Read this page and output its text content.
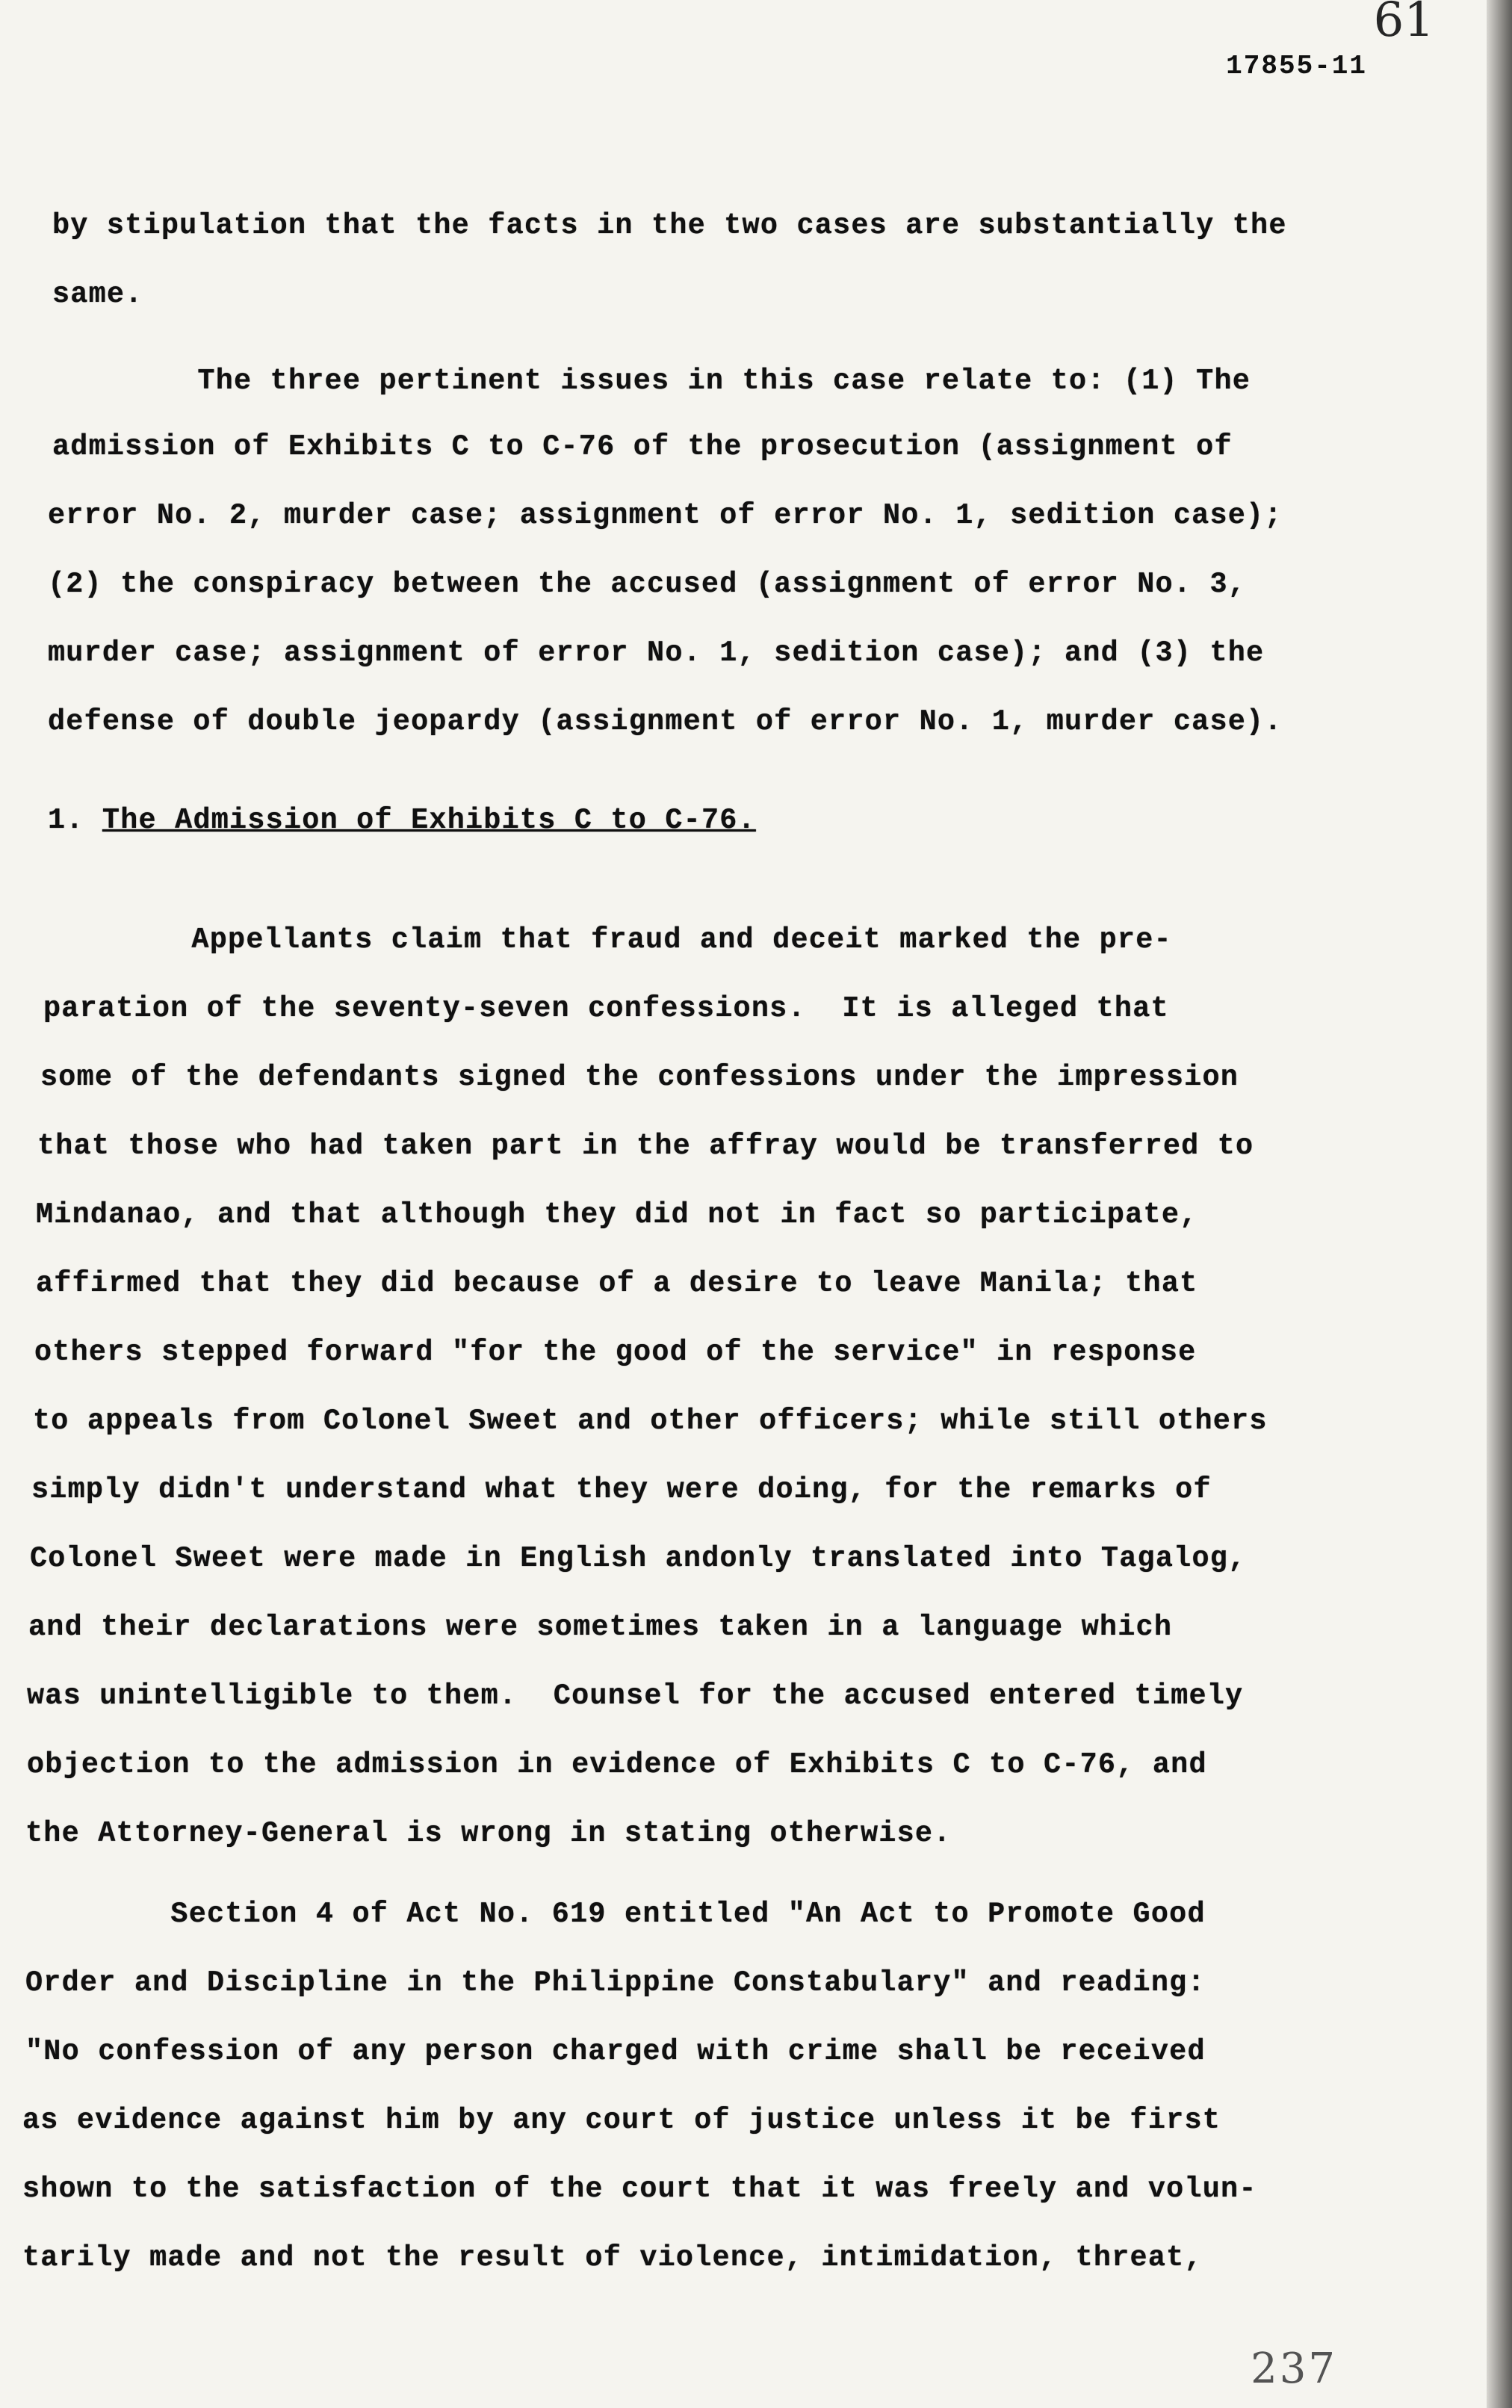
61
17855-11
by stipulation that the facts in the two cases are substantially the
same.
The three pertinent issues in this case relate to: (1) The
admission of Exhibits C to C-76 of the prosecution (assignment of
error No. 2, murder case; assignment of error No. 1, sedition case);
(2) the conspiracy between the accused (assignment of error No. 3,
murder case; assignment of error No. 1, sedition case); and (3) the
defense of double jeopardy (assignment of error No. 1, murder case).
1. The Admission of Exhibits C to C-76.
Appellants claim that fraud and deceit marked the pre-
paration of the seventy-seven confessions.  It is alleged that
some of the defendants signed the confessions under the impression
that those who had taken part in the affray would be transferred to
Mindanao, and that although they did not in fact so participate,
affirmed that they did because of a desire to leave Manila; that
others stepped forward "for the good of the service" in response
to appeals from Colonel Sweet and other officers; while still others
simply didn't understand what they were doing, for the remarks of
Colonel Sweet were made in English andonly translated into Tagalog,
and their declarations were sometimes taken in a language which
was unintelligible to them.  Counsel for the accused entered timely
objection to the admission in evidence of Exhibits C to C-76, and
the Attorney-General is wrong in stating otherwise.
Section 4 of Act No. 619 entitled "An Act to Promote Good
Order and Discipline in the Philippine Constabulary" and reading:
"No confession of any person charged with crime shall be received
as evidence against him by any court of justice unless it be first
shown to the satisfaction of the court that it was freely and volun-
tarily made and not the result of violence, intimidation, threat,
237
